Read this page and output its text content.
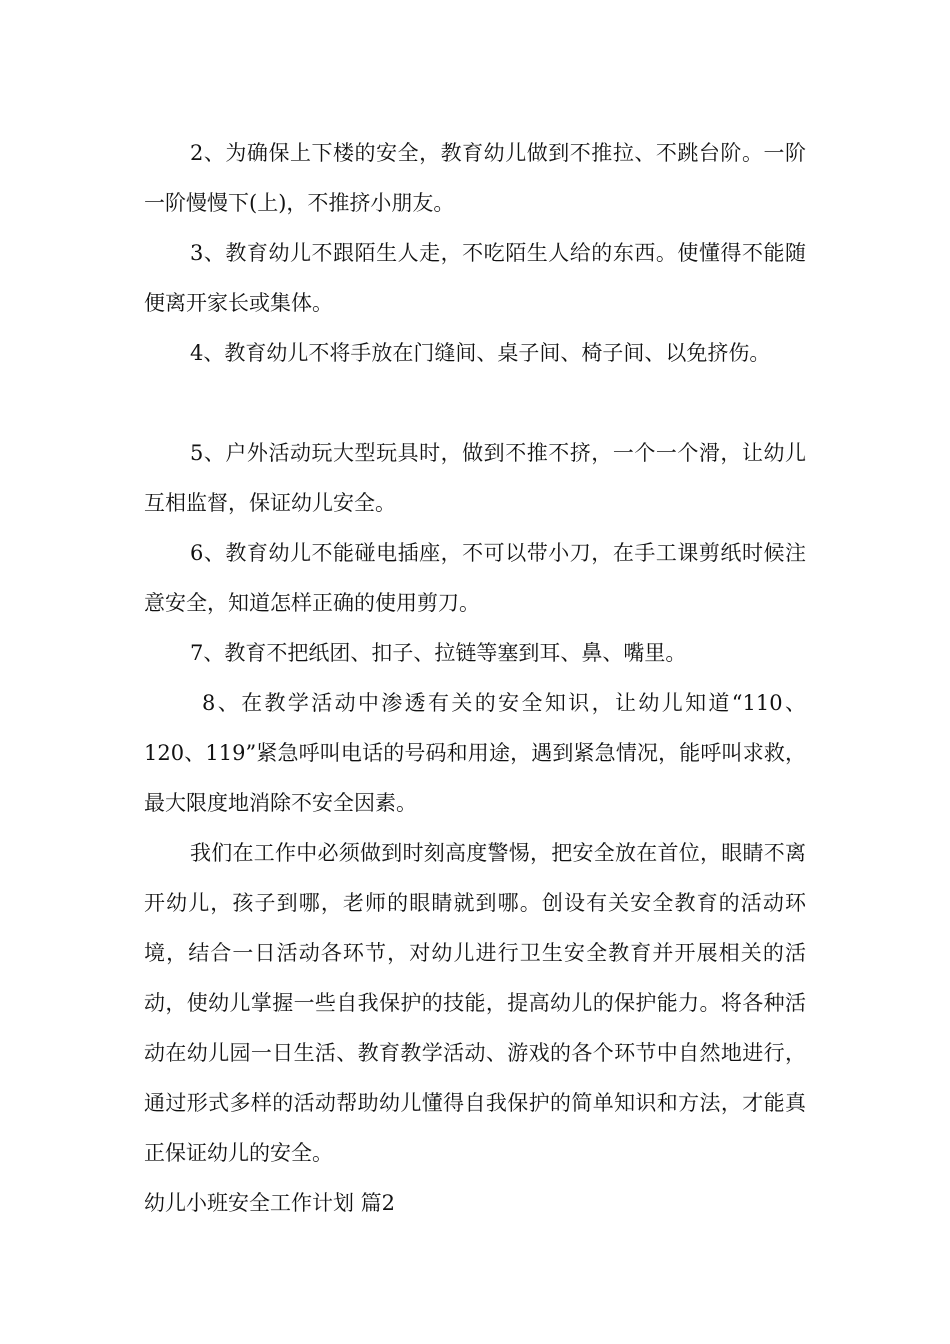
2、为确保上下楼的安全，教育幼儿做到不推拉、不跳台阶。一阶一阶慢慢下(上)，不推挤小朋友。

3、教育幼儿不跟陌生人走，不吃陌生人给的东西。使懂得不能随便离开家长或集体。

4、教育幼儿不将手放在门缝间、桌子间、椅子间、以免挤伤。

5、户外活动玩大型玩具时，做到不推不挤，一个一个滑，让幼儿互相监督，保证幼儿安全。

6、教育幼儿不能碰电插座，不可以带小刀，在手工课剪纸时候注意安全，知道怎样正确的使用剪刀。

7、教育不把纸团、扣子、拉链等塞到耳、鼻、嘴里。

8、在教学活动中渗透有关的安全知识，让幼儿知道“110、120、119”紧急呼叫电话的号码和用途，遇到紧急情况，能呼叫求救，最大限度地消除不安全因素。

我们在工作中必须做到时刻高度警惕，把安全放在首位，眼睛不离开幼儿，孩子到哪，老师的眼睛就到哪。创设有关安全教育的活动环境，结合一日活动各环节，对幼儿进行卫生安全教育并开展相关的活动，使幼儿掌握一些自我保护的技能，提高幼儿的保护能力。将各种活动在幼儿园一日生活、教育教学活动、游戏的各个环节中自然地进行，通过形式多样的活动帮助幼儿懂得自我保护的简单知识和方法，才能真正保证幼儿的安全。

幼儿小班安全工作计划 篇2
